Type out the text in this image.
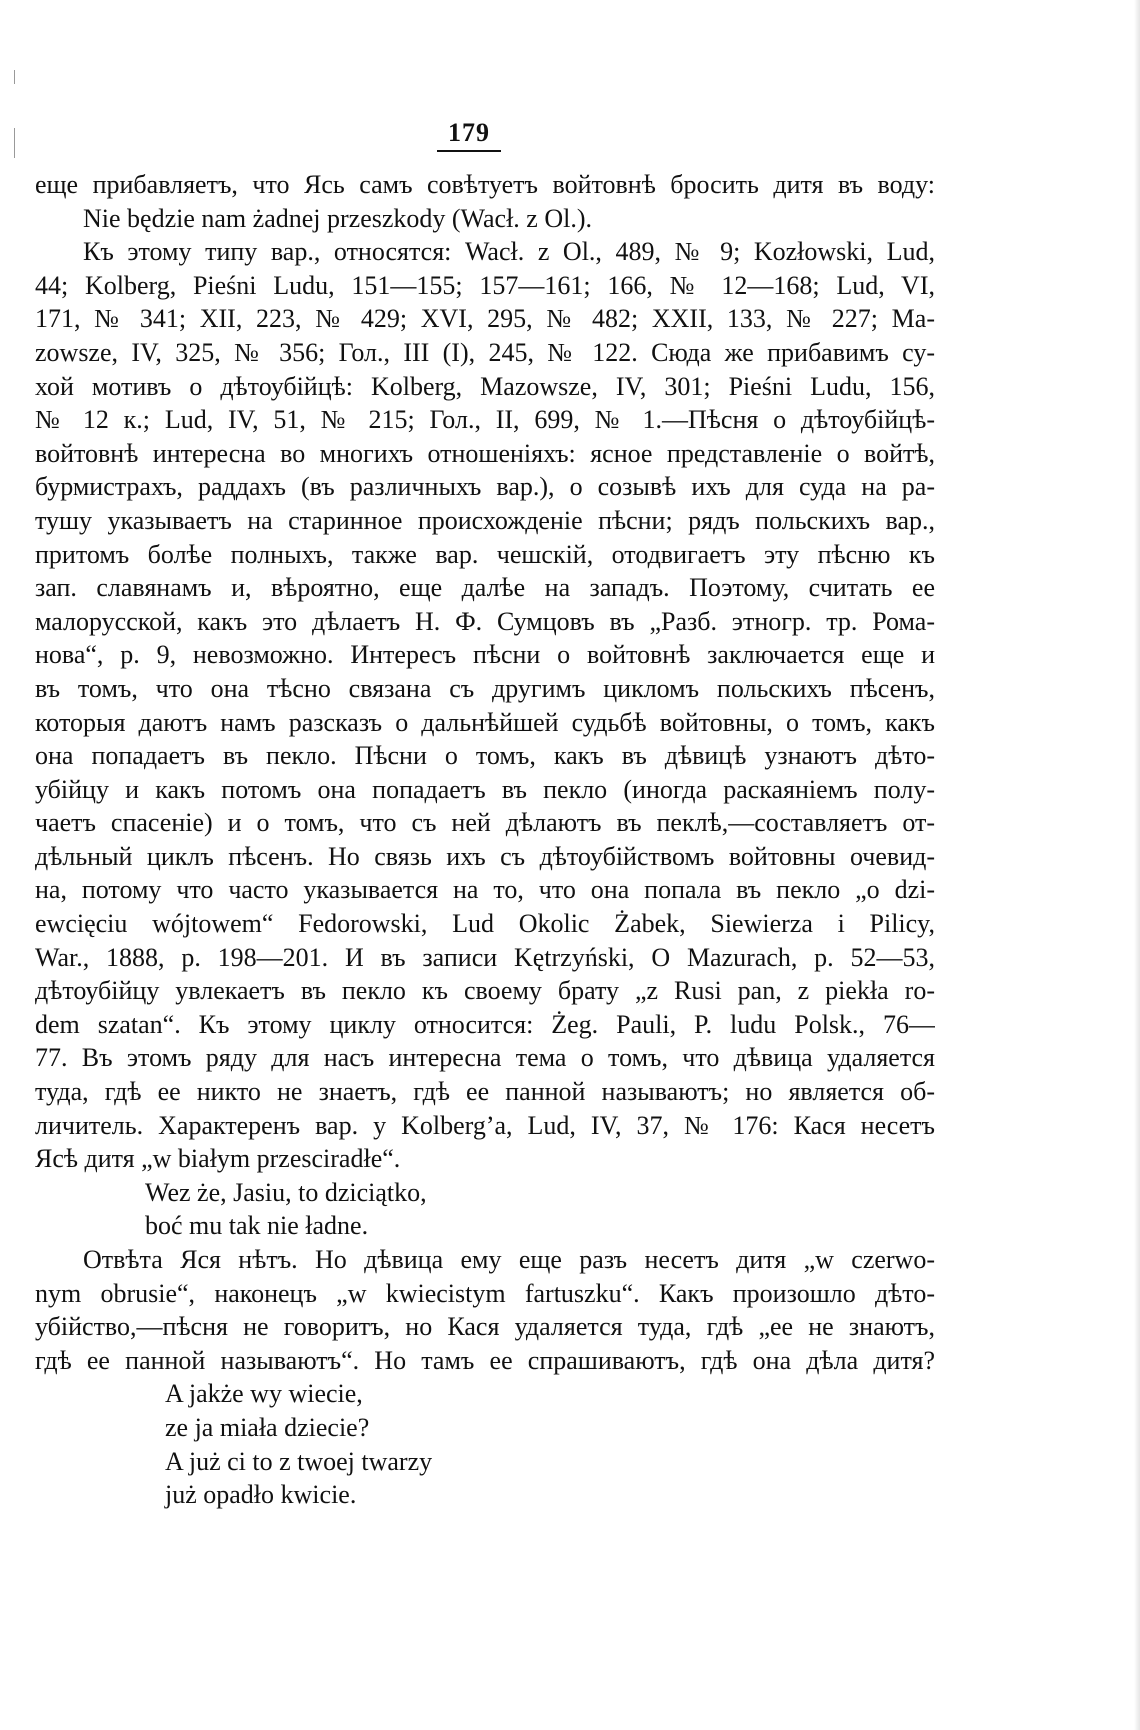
179
еще прибавляетъ, что Ясь самъ совѣтуетъ войтовнѣ бросить дитя въ воду:
Nie będzie nam żadnej przeszkody (Wacł. z Ol.).
Къ этому типу вар., относятся: Wacł. z Ol., 489, № 9; Kozłowski, Lud,
44; Kolberg, Pieśni Ludu, 151—155; 157—161; 166, № 12—168; Lud, VI,
171, № 341; XII, 223, № 429; XVI, 295, № 482; XXII, 133, № 227; Ma-
zowsze, IV, 325, № 356; Гол., III (I), 245, № 122. Сюда же прибавимъ су-
хой мотивъ о дѣтоубійцѣ: Kolberg, Mazowsze, IV, 301; Pieśni Ludu, 156,
№ 12 к.; Lud, IV, 51, № 215; Гол., II, 699, № 1.—Пѣсня о дѣтоубійцѣ-
войтовнѣ интересна во многихъ отношеніяхъ: ясное представленіе о войтѣ,
бурмистрахъ, раддахъ (въ различныхъ вар.), о созывѣ ихъ для суда на ра-
тушу указываетъ на старинное происхожденіе пѣсни; рядъ польскихъ вар.,
притомъ болѣе полныхъ, также вар. чешскій, отодвигаетъ эту пѣсню къ
зап. славянамъ и, вѣроятно, еще далѣе на западъ. Поэтому, считать ее
малорусской, какъ это дѣлаетъ Н. Ф. Сумцовъ въ „Разб. этногр. тр. Рома-
нова“, р. 9, невозможно. Интересъ пѣсни о войтовнѣ заключается еще и
въ томъ, что она тѣсно связана съ другимъ цикломъ польскихъ пѣсенъ,
которыя даютъ намъ разсказъ о дальнѣйшей судьбѣ войтовны, о томъ, какъ
она попадаетъ въ пекло. Пѣсни о томъ, какъ въ дѣвицѣ узнаютъ дѣто-
убійцу и какъ потомъ она попадаетъ въ пекло (иногда раскаяніемъ полу-
чаетъ спасеніе) и о томъ, что съ ней дѣлаютъ въ пеклѣ,—составляетъ от-
дѣльный циклъ пѣсенъ. Но связь ихъ съ дѣтоубійствомъ войтовны очевид-
на, потому что часто указывается на то, что она попала въ пекло „o dzi-
ewcięciu wójtowem“ Fedorowski, Lud Okolic Żabek, Siewierza i Pilicy,
War., 1888, p. 198—201. И въ записи Kętrzyński, O Mazurach, p. 52—53,
дѣтоубійцу увлекаетъ въ пекло къ своему брату „z Rusi pan, z piekła ro-
dem szatan“. Къ этому циклу относится: Żeg. Pauli, P. ludu Polsk., 76—
77. Въ этомъ ряду для насъ интересна тема о томъ, что дѣвица удаляется
туда, гдѣ ее никто не знаетъ, гдѣ ее панной называютъ; но является об-
личитель. Характеренъ вар. у Kolberg’a, Lud, IV, 37, № 176: Кася несетъ
Ясѣ дитя „w białym przesciradłe“.
Wez że, Jasiu, to dziciątko,
boć mu tak nie ładne.
Отвѣта Яся нѣтъ. Но дѣвица ему еще разъ несетъ дитя „w czerwo-
nym obrusie“, наконецъ „w kwiecistym fartuszku“. Какъ произошло дѣто-
убійство,—пѣсня не говоритъ, но Кася удаляется туда, гдѣ „ее не знаютъ,
гдѣ ее панной называютъ“. Но тамъ ее спрашиваютъ, гдѣ она дѣла дитя?
A jakże wy wiecie,
ze ja miała dziecie?
A już ci to z twoej twarzy
już opadło kwicie.
